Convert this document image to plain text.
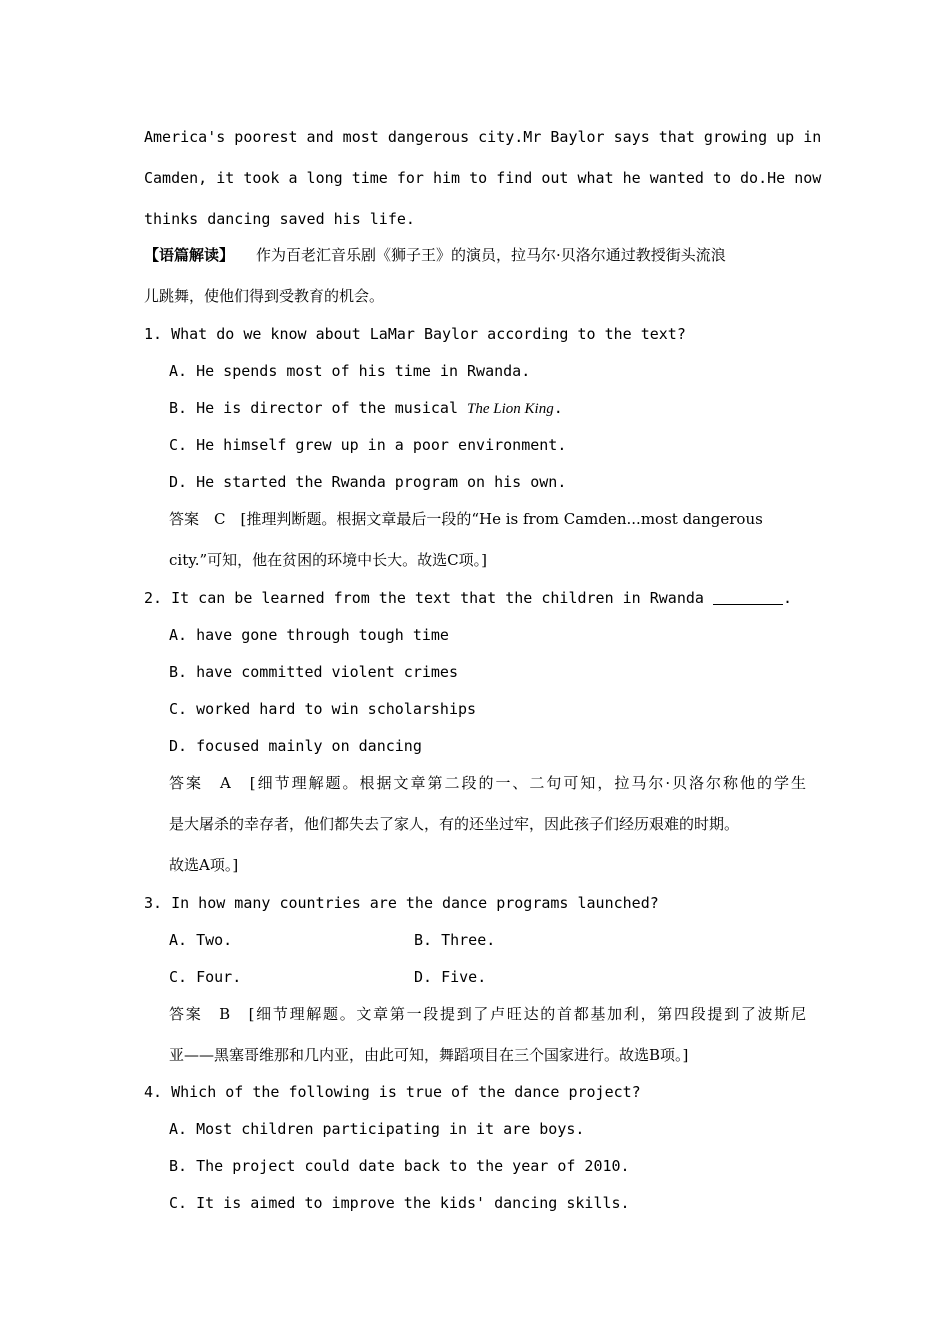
America's poorest and most dangerous city.Mr Baylor says that growing up in
Camden, it took a long time for him to find out what he wanted to do.He now
thinks dancing saved his life.
【语篇解读】 作为百老汇音乐剧《狮子王》的演员，拉马尔·贝洛尔通过教授街头流浪
儿跳舞，使他们得到受教育的机会。
1. What do we know about LaMar Baylor according to the text?
A. He spends most of his time in Rwanda.
B. He is director of the musical The Lion King.
C. He himself grew up in a poor environment.
D. He started the Rwanda program on his own.
答案　C　[推理判断题。根据文章最后一段的“He is from Camden...most dangerous
city.”可知，他在贫困的环境中长大。故选C项。]
2. It can be learned from the text that the children in Rwanda	.
A. have gone through tough time
B. have committed violent crimes
C. worked hard to win scholarships
D. focused mainly on dancing
答案　A　[细节理解题。根据文章第二段的一、二句可知，拉马尔·贝洛尔称他的学生
是大屠杀的幸存者，他们都失去了家人，有的还坐过牢，因此孩子们经历艰难的时期。
故选A项。]
3. In how many countries are the dance programs launched?
A. Two.	B. Three.
C. Four.	D. Five.
答案　B　[细节理解题。文章第一段提到了卢旺达的首都基加利，第四段提到了波斯尼
亚——黑塞哥维那和几内亚，由此可知，舞蹈项目在三个国家进行。故选B项。]
4. Which of the following is true of the dance project?
A. Most children participating in it are boys.
B. The project could date back to the year of 2010.
C. It is aimed to improve the kids' dancing skills.
